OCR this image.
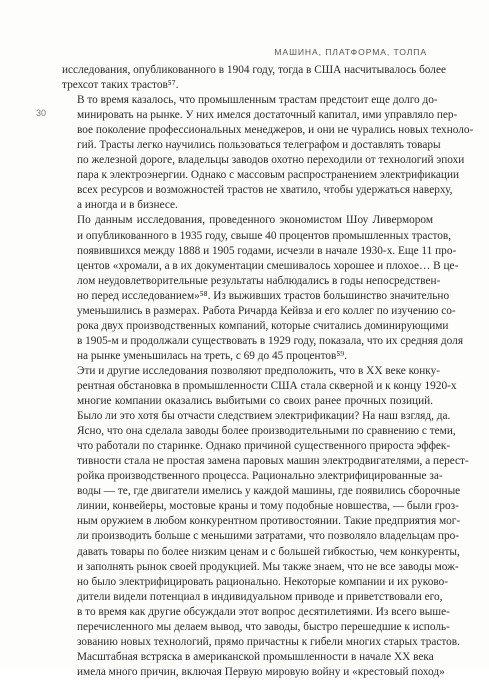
МАШИНА, ПЛАТФОРМА, ТОЛПА
30

исследования, опубликованного в 1904 году, тогда в США насчитывалось более
трехсот таких трастов⁵⁷.

В то время казалось, что промышленным трастам предстоит еще долго до-
минировать на рынке. У них имелся достаточный капитал, ими управляло пер-
вое поколение профессиональных менеджеров, и они не чурались новых техноло-
гий. Трасты легко научились пользоваться телеграфом и доставлять товары
по железной дороге, владельцы заводов охотно переходили от технологий эпохи
пара к электроэнергии. Однако с массовым распространением электрификации
всех ресурсов и возможностей трастов не хватило, чтобы удержаться наверху,
а иногда и в бизнесе.

По данным исследования, проведенного экономистом Шоу Ливермором
и опубликованного в 1935 году, свыше 40 процентов промышленных трастов,
появившихся между 1888 и 1905 годами, исчезли в начале 1930-х. Еще 11 про-
центов «хромали, а в их документации смешивалось хорошее и плохое… В це-
лом неудовлетворительные результаты наблюдались в годы непосредствен-
но перед исследованием»⁵⁸. Из выживших трастов большинство значительно
уменьшились в размерах. Работа Ричарда Кейвза и его коллег по изучению со-
рока двух производственных компаний, которые считались доминирующими
в 1905-м и продолжали существовать в 1929 году, показала, что их средняя доля
на рынке уменьшилась на треть, с 69 до 45 процентов⁵⁹.

Эти и другие исследования позволяют предположить, что в XX веке конку-
рентная обстановка в промышленности США стала скверной и к концу 1920-х
многие компании оказались выбитыми со своих ранее прочных позиций.
Было ли это хотя бы отчасти следствием электрификации? На наш взгляд, да.
Ясно, что она сделала заводы более производительными по сравнению с теми,
что работали по старинке. Однако причиной существенного прироста эффек-
тивности стала не простая замена паровых машин электродвигателями, а перест-
ройка производственного процесса. Рационально электрифицированные за-
воды — те, где двигатели имелись у каждой машины, где появились сборочные
линии, конвейеры, мостовые краны и тому подобные новшества, — были гроз-
ным оружием в любом конкурентном противостоянии. Такие предприятия мог-
ли производить больше с меньшими затратами, что позволяло владельцам про-
давать товары по более низким ценам и с большей гибкостью, чем конкуренты,
и заполнять рынок своей продукцией. Мы также знаем, что не все заводы мож-
но было электрифицировать рационально. Некоторые компании и их руково-
дители видели потенциал в индивидуальном приводе и приветствовали его,
в то время как другие обсуждали этот вопрос десятилетиями. Из всего выше-
перечисленного мы делаем вывод, что заводы, быстро перешедшие к исполь-
зованию новых технологий, прямо причастны к гибели многих старых трастов.

Масштабная встряска в американской промышленности в начале XX века
имела много причин, включая Первую мировую войну и «крестовый поход»
